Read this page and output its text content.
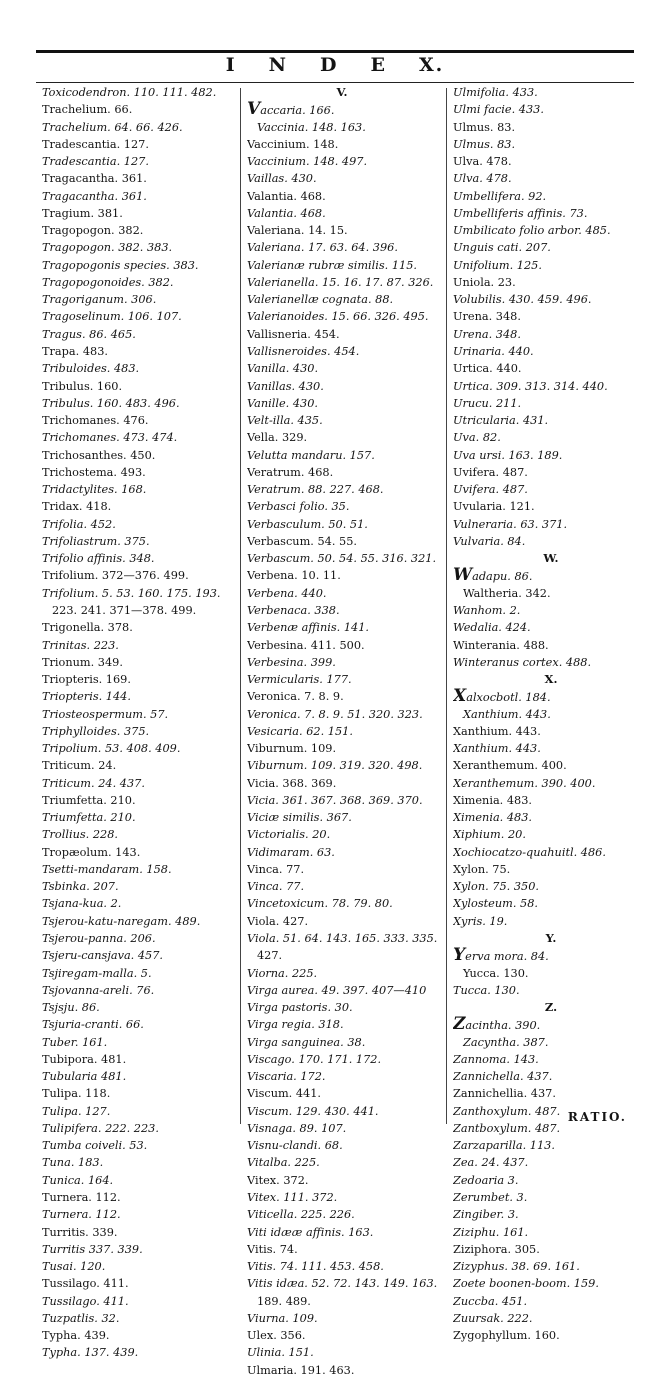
I N D E X.
Toxicodendron. 110. 111. 482.
Trachelium. 66.
Trachelium. 64. 66. 426.
Tradescantia. 127.
Tradescantia. 127.
Tragacantha. 361.
Tragacantha. 361.
Tragium. 381.
Tragopogon. 382.
Tragopogon. 382. 383.
Tragopogonis species. 383.
Tragopogonoides. 382.
Tragoriganum. 306.
Tragoselinum. 106. 107.
Tragus. 86. 465.
Trapa. 483.
Tribuloides. 483.
Tribulus. 160.
Tribulus. 160. 483. 496.
Trichomanes. 476.
Trichomanes. 473. 474.
Trichosanthes. 450.
Trichostema. 493.
Tridactylites. 168.
Tridax. 418.
Trifolia. 452.
Trifoliastrum. 375.
Trifolio affinis. 348.
Trifolium. 372—376. 499.
Trifolium. 5. 53. 160. 175. 193.
223. 241. 371—378. 499.
Trigonella. 378.
Trinitas. 223.
Trionum. 349.
Triopteris. 169.
Triopteris. 144.
Triosteospermum. 57.
Triphylloides. 375.
Tripolium. 53. 408. 409.
Triticum. 24.
Triticum. 24. 437.
Triumfetta. 210.
Triumfetta. 210.
Trollius. 228.
Tropæolum. 143.
Tsetti-mandaram. 158.
Tsbinka. 207.
Tsjana-kua. 2.
Tsjerou-katu-naregam. 489.
Tsjerou-panna. 206.
Tsjeru-cansjava. 457.
Tsjiregam-malla. 5.
Tsjovanna-areli. 76.
Tsjsju. 86.
Tsjuria-cranti. 66.
Tuber. 161.
Tubipora. 481.
Tubularia 481.
Tulipa. 118.
Tulipa. 127.
Tulipifera. 222. 223.
Tumba coiveli. 53.
Tuna. 183.
Tunica. 164.
Turnera. 112.
Turnera. 112.
Turritis. 339.
Turritis 337. 339.
Tusai. 120.
Tussilago. 411.
Tussilago. 411.
Tuzpatlis. 32.
Typha. 439.
Typha. 137. 439.
V.
Vaccaria. 166.
Vaccinia. 148. 163.
Vaccinium. 148.
Vaccinium. 148. 497.
Vaillas. 430.
Valantia. 468.
Valantia. 468.
Valeriana. 14. 15.
Valeriana. 17. 63. 64. 396.
Valerianæ rubræ similis. 115.
Valerianella. 15. 16. 17. 87. 326.
Valerianellæ cognata. 88.
Valerianoides. 15. 66. 326. 495.
Vallisneria. 454.
Vallisneroides. 454.
Vanilla. 430.
Vanillas. 430.
Vanille. 430.
Velt-illa. 435.
Vella. 329.
Velutta mandaru. 157.
Veratrum. 468.
Veratrum. 88. 227. 468.
Verbasci folio. 35.
Verbasculum. 50. 51.
Verbascum. 54. 55.
Verbascum. 50. 54. 55. 316. 321.
Verbena. 10. 11.
Verbena. 440.
Verbenaca. 338.
Verbenæ affinis. 141.
Verbesina. 411. 500.
Verbesina. 399.
Vermicularis. 177.
Veronica. 7. 8. 9.
Veronica. 7. 8. 9. 51. 320. 323.
Vesicaria. 62. 151.
Viburnum. 109.
Viburnum. 109. 319. 320. 498.
Vicia. 368. 369.
Vicia. 361. 367. 368. 369. 370.
Viciæ similis. 367.
Victorialis. 20.
Vidimaram. 63.
Vinca. 77.
Vinca. 77.
Vincetoxicum. 78. 79. 80.
Viola. 427.
Viola. 51. 64. 143. 165. 333. 335.
427.
Viorna. 225.
Virga aurea. 49. 397. 407—410
Virga pastoris. 30.
Virga regia. 318.
Virga sanguinea. 38.
Viscago. 170. 171. 172.
Viscaria. 172.
Viscum. 441.
Viscum. 129. 430. 441.
Visnaga. 89. 107.
Visnu-clandi. 68.
Vitalba. 225.
Vitex. 372.
Vitex. 111. 372.
Viticella. 225. 226.
Viti idææ affinis. 163.
Vitis. 74.
Vitis. 74. 111. 453. 458.
Vitis idæa. 52. 72. 143. 149. 163.
189. 489.
Viurna. 109.
Ulex. 356.
Ulinia. 151.
Ulmaria. 191. 463.
Ulmifolia. 433.
Ulmi facie. 433.
Ulmus. 83.
Ulmus. 83.
Ulva. 478.
Ulva. 478.
Umbellifera. 92.
Umbelliferis affinis. 73.
Umbilicato folio arbor. 485.
Unguis cati. 207.
Unifolium. 125.
Uniola. 23.
Volubilis. 430. 459. 496.
Urena. 348.
Urena. 348.
Urinaria. 440.
Urtica. 440.
Urtica. 309. 313. 314. 440.
Urucu. 211.
Utricularia. 431.
Uva. 82.
Uva ursi. 163. 189.
Uvifera. 487.
Uvifera. 487.
Uvularia. 121.
Vulneraria. 63. 371.
Vulvaria. 84.
W.
Wadapu. 86.
Waltheria. 342.
Wanhom. 2.
Wedalia. 424.
Winterania. 488.
Winteranus cortex. 488.
X.
Xalxocbotl. 184.
Xanthium. 443.
Xanthium. 443.
Xanthium. 443.
Xeranthemum. 400.
Xeranthemum. 390. 400.
Ximenia. 483.
Ximenia. 483.
Xiphium. 20.
Xochiocatzo-quahuitl. 486.
Xylon. 75.
Xylon. 75. 350.
Xylosteum. 58.
Xyris. 19.
Y.
Yerva mora. 84.
Yucca. 130.
Tucca. 130.
Z.
Zacintha. 390.
Zacyntha. 387.
Zannoma. 143.
Zannichella. 437.
Zannichellia. 437.
Zanthoxylum. 487.
Zantboxylum. 487.
Zarzaparilla. 113.
Zea. 24. 437.
Zedoaria 3.
Zerumbet. 3.
Zingiber. 3.
Ziziphu. 161.
Ziziphora. 305.
Zizyphus. 38. 69. 161.
Zoete boonen-boom. 159.
Zuccba. 451.
Zuursak. 222.
Zygophyllum. 160.
RATIO.
